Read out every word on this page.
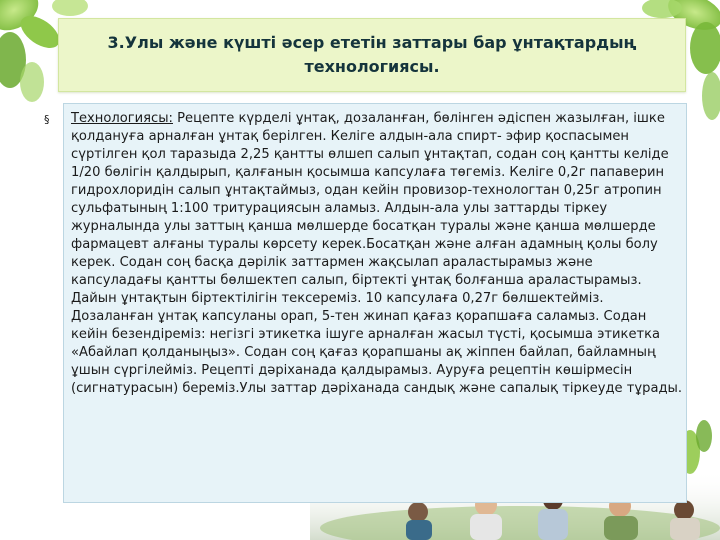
3.Улы және күшті әсер ететін заттары бар ұнтақтардың технологиясы.
§	Технологиясы: Рецепте күрделі ұнтақ, дозаланған, бөлінген әдіспен жазылған, ішке қолдануға арналған ұнтақ берілген. Келіге алдын-ала спирт- эфир қоспасымен сүртілген қол таразыда 2,25 қантты өлшеп салып ұнтақтап, содан соң қантты келіде 1/20 бөлігін қалдырып, қалғанын қосымша капсулаға төгеміз. Келіге 0,2г папаверин гидрохлоридін салып ұнтақтаймыз, одан кейін провизор-технологтан 0,25г атропин сульфатының 1:100 тритурациясын аламыз. Алдын-ала улы заттарды тіркеу журналында улы заттың қанша мөлшерде босатқан туралы және қанша мөлшерде фармацевт алғаны туралы көрсету керек.Босатқан және алған адамның қолы болу керек. Содан соң басқа дәрілік заттармен жақсылап араластырамыз және капсуладағы қантты бөлшектеп салып, біртекті ұнтақ болғанша араластырамыз. Дайын ұнтақтын біртектілігін тексереміз. 10 капсулаға 0,27г бөлшектейміз. Дозаланған ұнтақ капсуланы орап, 5-тен жинап қағаз қорапшаға саламыз. Содан кейін безендіреміз: негізгі этикетка ішуге арналған жасыл түсті, қосымша этикетка «Абайлап қолданыңыз». Содан соң қағаз қорапшаны ақ жіппен байлап, байламның ұшын сүргілейміз. Рецепті дәріханада қалдырамыз. Ауруға рецептін көшірмесін (сигнатурасын) береміз.Улы заттар дәріханада сандық және сапалық тіркеуде тұрады.
